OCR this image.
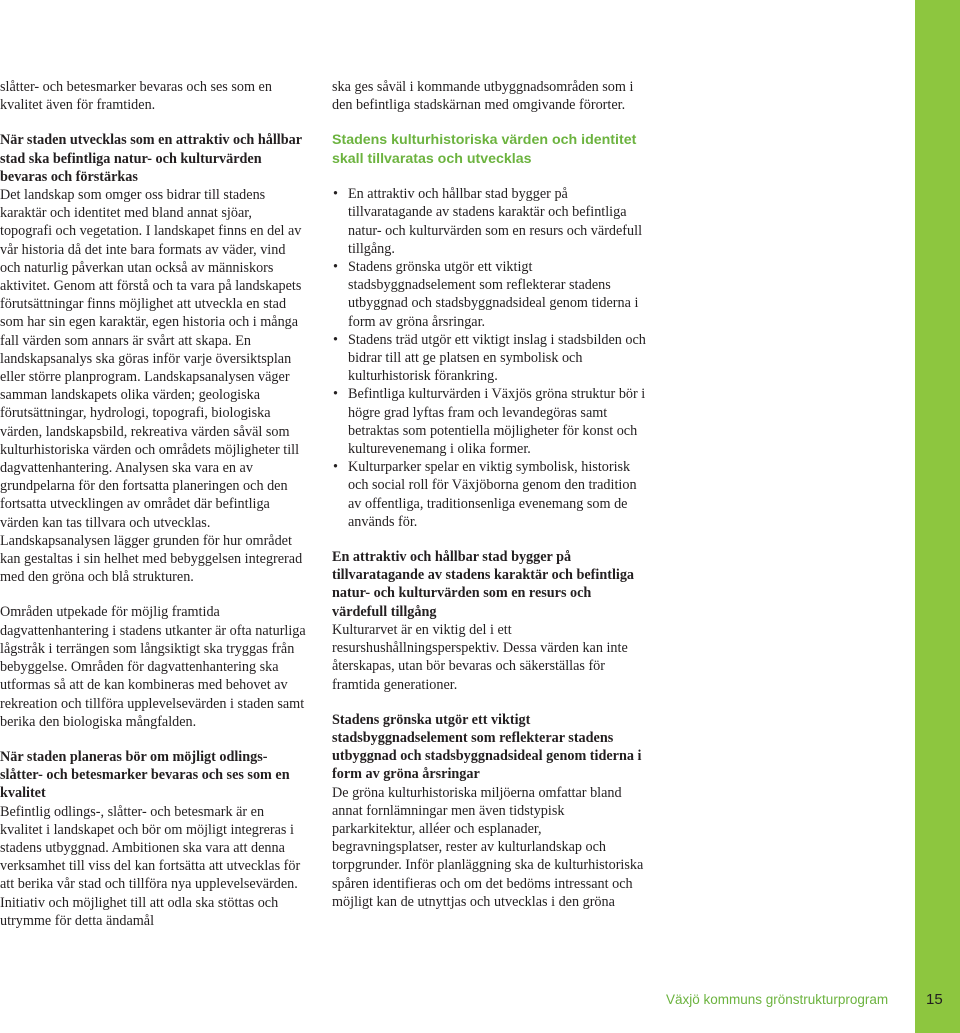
slåtter- och betesmarker bevaras och ses som en kvalitet även för framtiden.

När staden utvecklas som en attraktiv och hållbar stad ska befintliga natur- och kulturvärden bevaras och förstärkas

Det landskap som omger oss bidrar till stadens karaktär och identitet med bland annat sjöar, topografi och vegetation. I landskapet finns en del av vår historia då det inte bara formats av väder, vind och naturlig påverkan utan också av människors aktivitet. Genom att förstå och ta vara på landskapets förutsättningar finns möjlighet att utveckla en stad som har sin egen karaktär, egen historia och i många fall värden som annars är svårt att skapa. En landskapsanalys ska göras inför varje översiktsplan eller större planprogram. Landskapsanalysen väger samman landskapets olika värden; geologiska förutsättningar, hydrologi, topografi, biologiska värden, landskapsbild, rekreativa värden såväl som kulturhistoriska värden och områdets möjligheter till dagvattenhantering. Analysen ska vara en av grundpelarna för den fortsatta planeringen och den fortsatta utvecklingen av området där befintliga värden kan tas tillvara och utvecklas. Landskapsanalysen lägger grunden för hur området kan gestaltas i sin helhet med bebyggelsen integrerad med den gröna och blå strukturen.

Områden utpekade för möjlig framtida dagvattenhantering i stadens utkanter är ofta naturliga lågstråk i terrängen som långsiktigt ska tryggas från bebyggelse. Områden för dagvattenhantering ska utformas så att de kan kombineras med behovet av rekreation och tillföra upplevelsevärden i staden samt berika den biologiska mångfalden.

När staden planeras bör om möjligt odlings-slåtter- och betesmarker bevaras och ses som en kvalitet

Befintlig odlings-, slåtter- och betesmark är en kvalitet i landskapet och bör om möjligt integreras i stadens utbyggnad. Ambitionen ska vara att denna verksamhet till viss del kan fortsätta att utvecklas för att berika vår stad och tillföra nya upplevelsevärden. Initiativ och möjlighet till att odla ska stöttas och utrymme för detta ändamål

ska ges såväl i kommande utbyggnadsområden som i den befintliga stadskärnan med omgivande förorter.

Stadens kulturhistoriska värden och identitet skall tillvaratas och utvecklas

• En attraktiv och hållbar stad bygger på tillvaratagande av stadens karaktär och befintliga natur- och kulturvärden som en resurs och värdefull tillgång.
• Stadens grönska utgör ett viktigt stadsbyggnadselement som reflekterar stadens utbyggnad och stadsbyggnadsideal genom tiderna i form av gröna årsringar.
• Stadens träd utgör ett viktigt inslag i stadsbilden och bidrar till att ge platsen en symbolisk och kulturhistorisk förankring.
• Befintliga kulturvärden i Växjös gröna struktur bör i högre grad lyftas fram och levandegöras samt betraktas som potentiella möjligheter för konst och kulturevenemang i olika former.
• Kulturparker spelar en viktig symbolisk, historisk och social roll för Växjöborna genom den tradition av offentliga, traditionsenliga evenemang som de används för.

En attraktiv och hållbar stad bygger på tillvaratagande av stadens karaktär och befintliga natur- och kulturvärden som en resurs och värdefull tillgång

Kulturarvet är en viktig del i ett resurshushållningsperspektiv. Dessa värden kan inte återskapas, utan bör bevaras och säkerställas för framtida generationer.

Stadens grönska utgör ett viktigt stadsbyggnadselement som reflekterar stadens utbyggnad och stadsbyggnadsideal genom tiderna i form av gröna årsringar

De gröna kulturhistoriska miljöerna omfattar bland annat fornlämningar men även tidstypisk parkarkitektur, alléer och esplanader, begravningsplatser, rester av kulturlandskap och torpgrunder. Inför planläggning ska de kulturhistoriska spåren identifieras och om det bedöms intressant och möjligt kan de utnyttjas och utvecklas i den gröna

Växjö kommuns grönstrukturprogram	15
